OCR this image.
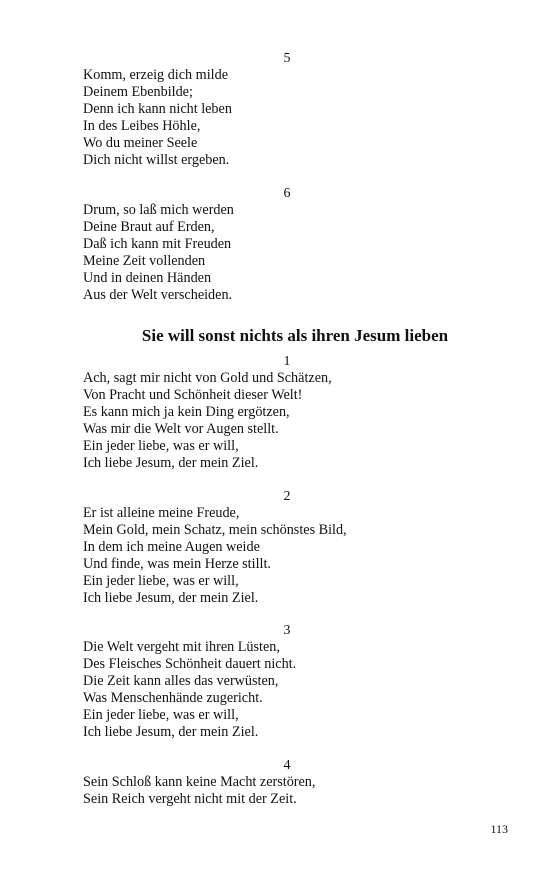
5
Komm, erzeig dich milde
Deinem Ebenbilde;
Denn ich kann nicht leben
In des Leibes Höhle,
Wo du meiner Seele
Dich nicht willst ergeben.
6
Drum, so laß mich werden
Deine Braut auf Erden,
Daß ich kann mit Freuden
Meine Zeit vollenden
Und in deinen Händen
Aus der Welt verscheiden.
Sie will sonst nichts als ihren Jesum lieben
1
Ach, sagt mir nicht von Gold und Schätzen,
Von Pracht und Schönheit dieser Welt!
Es kann mich ja kein Ding ergötzen,
Was mir die Welt vor Augen stellt.
Ein jeder liebe, was er will,
Ich liebe Jesum, der mein Ziel.
2
Er ist alleine meine Freude,
Mein Gold, mein Schatz, mein schönstes Bild,
In dem ich meine Augen weide
Und finde, was mein Herze stillt.
Ein jeder liebe, was er will,
Ich liebe Jesum, der mein Ziel.
3
Die Welt vergeht mit ihren Lüsten,
Des Fleisches Schönheit dauert nicht.
Die Zeit kann alles das verwüsten,
Was Menschenhände zugericht.
Ein jeder liebe, was er will,
Ich liebe Jesum, der mein Ziel.
4
Sein Schloß kann keine Macht zerstören,
Sein Reich vergeht nicht mit der Zeit.
113
